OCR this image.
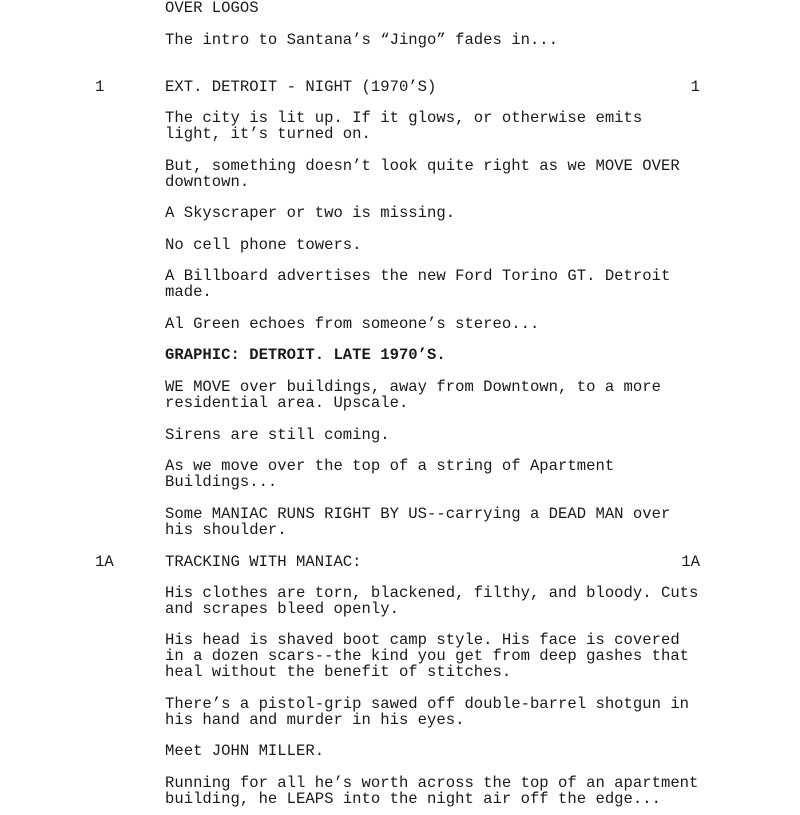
OVER LOGOS
The intro to Santana’s “Jingo” fades in...
1	EXT. DETROIT - NIGHT (1970’S)	1
The city is lit up. If it glows, or otherwise emits
light, it’s turned on.
But, something doesn’t look quite right as we MOVE OVER
downtown.
A Skyscraper or two is missing.
No cell phone towers.
A Billboard advertises the new Ford Torino GT. Detroit
made.
Al Green echoes from someone’s stereo...
GRAPHIC: DETROIT. LATE 1970’S.
WE MOVE over buildings, away from Downtown, to a more
residential area. Upscale.
Sirens are still coming.
As we move over the top of a string of Apartment
Buildings...
Some MANIAC RUNS RIGHT BY US--carrying a DEAD MAN over
his shoulder.
1A	TRACKING WITH MANIAC:	1A
His clothes are torn, blackened, filthy, and bloody. Cuts
and scrapes bleed openly.
His head is shaved boot camp style. His face is covered
in a dozen scars--the kind you get from deep gashes that
heal without the benefit of stitches.
There’s a pistol-grip sawed off double-barrel shotgun in
his hand and murder in his eyes.
Meet JOHN MILLER.
Running for all he’s worth across the top of an apartment
building, he LEAPS into the night air off the edge...
